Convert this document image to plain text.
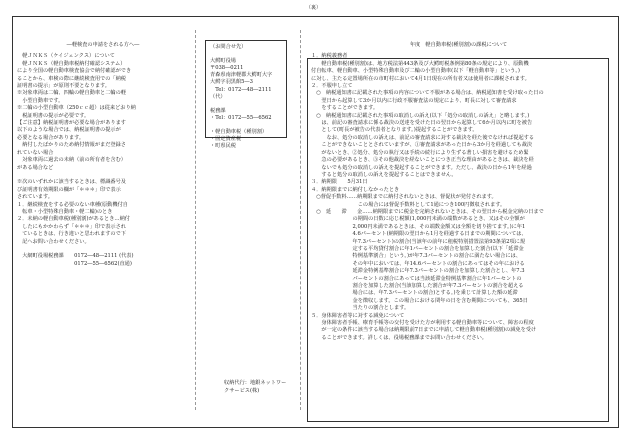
（裏）

―軽検査の申請をされる方へ―

　軽ＪＮＫＳ（ケイジェンクス）について

　軽ＪＮＫＳ（軽自動車税納付確認システム）

により全国の軽自動車検査協会で納付確認ができ

ることから、車検の際に継続検査用での「納税

証明書の提示」が原則不要となります。

※対象車両は二輪、四輪の軽自動車と二輪の軽

　小型自動車です。

※二輪の小型自動車（250ｃｃ超）は従来どおり納

　税証明書の提示が必要です。

【ご注意】納税証明書が必要な場合があります

以下のような場合では、納税証明書の提示が

必要となる場合があります。

　納付したばかりのため納付情報がまだ登録さ

れていない場合

　対象車両に過去の未納（前の所有者を含む）

がある場合など

※次のいずれかに該当するときは、標識番号及

び証明書有効期限の欄が「＊＊＊」印で表示

されています。

１．継続検査をする必要のない車種(原動機付自

　転車・小型特殊自動車・軽二輪)のとき

２．未納の軽自動車税(種別割)があるとき…納付

　したにもかかわらず「＊＊＊」印で表示され

　ているときは、行き違いと思われますので下

　記へお問い合わせください。

　大網町役場税務課　　0172―48―2111 (代表)

　　　　　　　　　　　0172―55―6562(直通)

（お問合せ先）

大鰐町役場

〒038―0211

青森県南津軽郡大鰐町大字

大鰐字羽黒館5―3

　Tel：0172―48―2111（代）

税務課

・Tel：0172―55―6562

・軽自動車税（種別割）

・固定資産税

・町県民税

収納代行：地銀ネットワー
クサービス(株)

年度　軽自動車税(種別割)の課税について

１．納税義務者

　　軽自動車税(種別割)は、地方税法第443条及び大鰐町税条例第80条の規定により、原動機

付自転車、軽自動車、小型特殊自動車及び二輪の小型自動車(以下「軽自動車等」という。)

に対し、主たる定置場所在の市町村において4月1日現在の所有者又は使用者に課税されます。

２．不服申し立て

　○　納税通知書に記載された事項の内容について不服がある場合は、納税通知書を受け取った日の

　　翌日から起算して3か月以内に行政不服審査法の規定により、町長に対して審査請求

　　をすることができます。

　○　納税通知書に記載された事項の取消しの訴え(以下「処分の取消しの訴え」と略します。)

　　は、前記の審査請求に係る裁決の送達を受けた日の翌日から起算して6か月以内に町を被告

　　として(町長が被告の代表者となります。)提起することができます。

　　　なお、処分の取消しの訴えは、前記の審査請求に対する裁決を経た後でなければ提起する

　　ことができないこととされていますが、①審査請求があった日から3か月を経過しても裁決

　　がないとき、②処分、処分の執行又は手続の続行により生ずる著しい損害を避けるため緊

　　急の必要があるとき、③その他裁決を経ないことにつき正当な理由があるときは、裁決を経

　　ないでも処分の取消しの訴えを提起することができます。ただし、裁決の日から1年を経過

　　すると処分の取消しの訴えを提起することはできません。

３．納期限　　5月31日

４．納期限までに納付しなかったとき

　○督促手数料……納期限までに納付されないときは、督促状が発付されます。

　　　　　　　　　この場合には督促手数料として1通につき100円徴収されます。

　○　延　　滞　　金……納期限までに税金を完納されないときは、その翌日から税金完納の日まで

　　　　　　　　の期間の日数に応じ税額(1,000円未満の端数があるとき、又はその全額が

　　　　　　　　2,000円未満であるときは、その端数金額又は全額を切り捨てます。)に年1

　　　　　　　　4.6パーセント(納期限の翌日から1月を経過する日までの期間については、

　　　　　　　　年7.3パーセント)の割合(当該年の前年に租税特別措置法第93条第2項に規

　　　　　　　　定する平均貸付割合に年1パーセントの割合を加算した割合(以下「延滞金

　　　　　　　　特例基準割合」という。)が年7.3パーセントの割合に満たない場合には、

　　　　　　　　その年中においては、年14.6パーセントの割合にあってはその年における

　　　　　　　　延滞金特例基準割合に年7.3パーセントの割合を加算した割合とし、年7.3

　　　　　　　　パーセントの割合にあっては当該延滞金特例基準割合に年1パーセントの

　　　　　　　　割合を加算した割合(当該加算した割合が年7.3パーセントの割合を超える

　　　　　　　　場合には、年7.3パーセントの割合)とする。)を乗じて計算した額の延滞

　　　　　　　　金を徴収します。この場合における閏年の日を含む期間についても、365日

　　　　　　　　当たりの割合とします。

５．身体障害者等に対する減免について

　　身体障害者手帳、療育手帳等の交付を受けた方が利用する軽自動車等について、障害の程度

　　が一定の条件に該当する場合は納期限前7日までに申請して軽自動車税(種別割)の減免を受け

　　ることができます。詳しくは、役場税務課までお問い合わせください。
